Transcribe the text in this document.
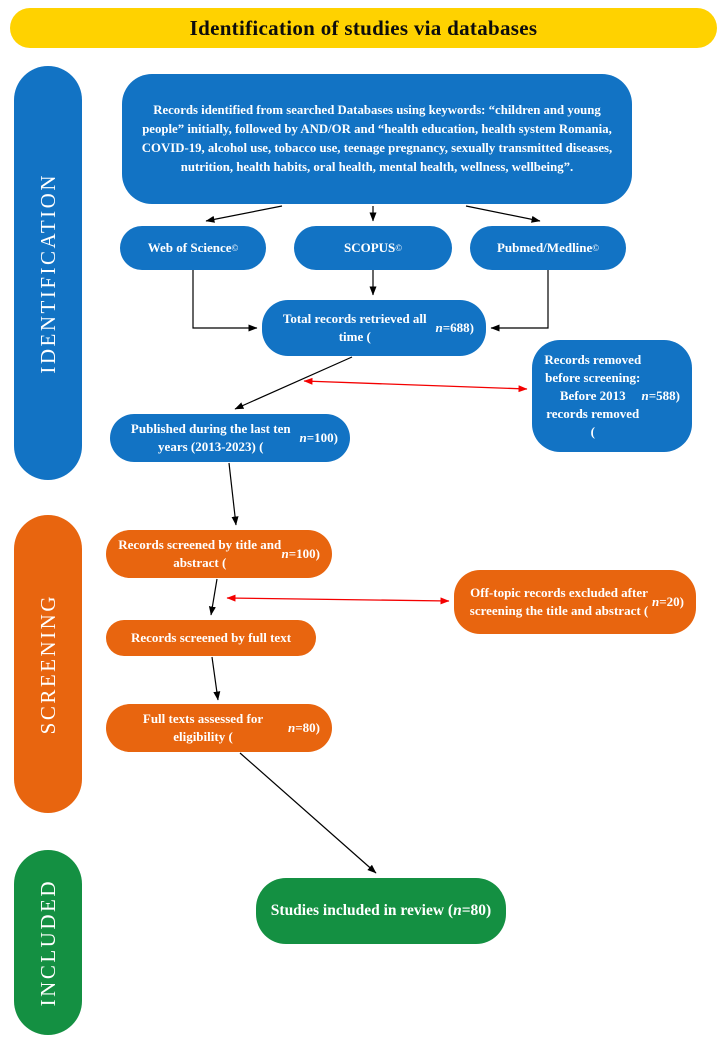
Identification of studies via databases
IDENTIFICATION
SCREENING
INCLUDED
Records identified from searched Databases using keywords: “children and young people” initially, followed by AND/OR and “health education, health system Romania, COVID-19, alcohol use, tobacco use, teenage pregnancy, sexually transmitted diseases, nutrition, health habits, oral health, mental health, wellness, wellbeing”.
Web of Science ©	SCOPUS ©	Pubmed/Medline ©
Total records retrieved all time (
n =688)
Records removed before screening: Before 2013 records removed (
n =588)
Published during the last ten years (2013-2023) (
n =100)
Records screened by title and abstract (
n =100)
Off-topic records excluded after screening the title and abstract (
n =20)
Records screened by full text
Full texts assessed for eligibility (
n =80)
Studies included in review ( n =80)
